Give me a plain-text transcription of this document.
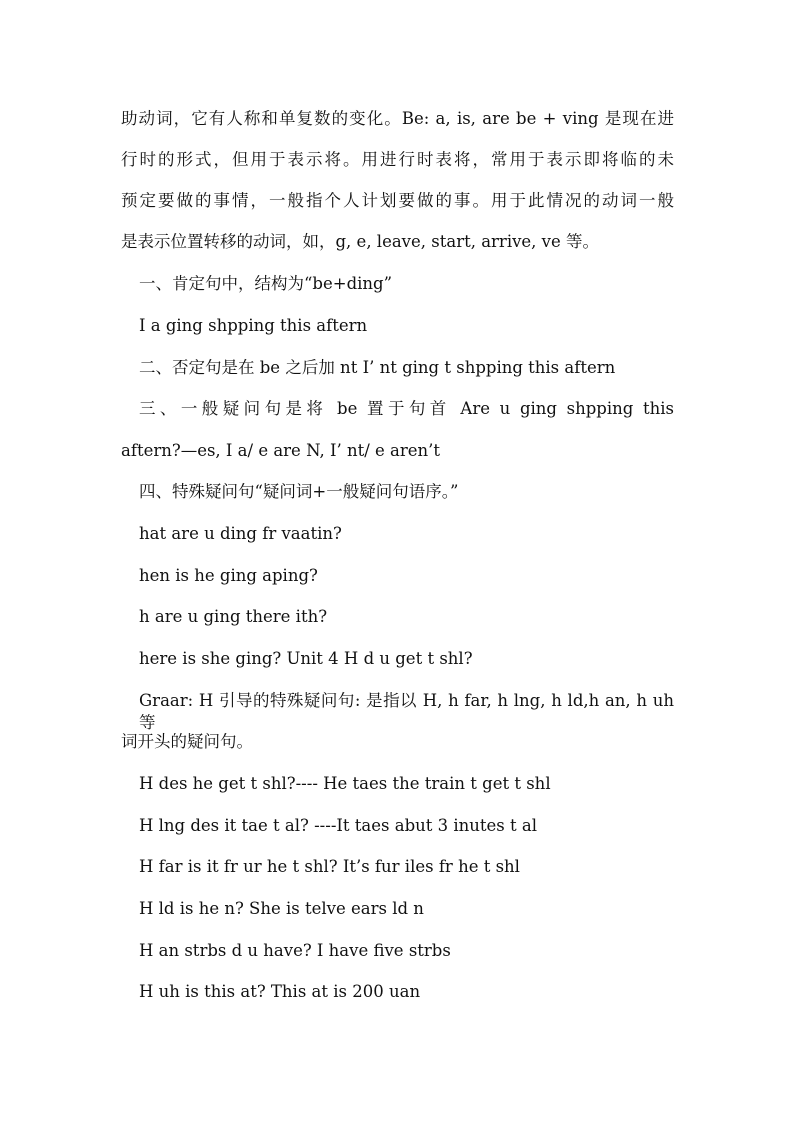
助动词，它有人称和单复数的变化。Be: a, is, are be + ving 是现在进
行时的形式，但用于表示将。用进行时表将，常用于表示即将临的未
预定要做的事情，一般指个人计划要做的事。用于此情况的动词一般
是表示位置转移的动词，如，g, e, leave, start, arrive, ve 等。
一、肯定句中，结构为“be+ding”
I a ging shpping this aftern
二、否定句是在 be 之后加 nt I’ nt ging t shpping this aftern
三、一般疑问句是将 be 置于句首 Are u ging shpping this
aftern?—es, I a/ e are N, I’ nt/ e aren’t
四、特殊疑问句“疑问词+一般疑问句语序。”
hat are u ding fr vaatin?
hen is he ging aping?
h are u ging there ith?
here is she ging? Unit 4 H d u get t shl?
Graar: H 引导的特殊疑问句: 是指以 H, h far, h lng, h ld,h an, h uh 等
词开头的疑问句。
H des he get t shl?---- He taes the train t get t shl
H lng des it tae t al? ----It taes abut 3 inutes t al
H far is it fr ur he t shl? It’s fur iles fr he t shl
H ld is he n? She is telve ears ld n
H an strbs d u have? I have five strbs
H uh is this at? This at is 200 uan
